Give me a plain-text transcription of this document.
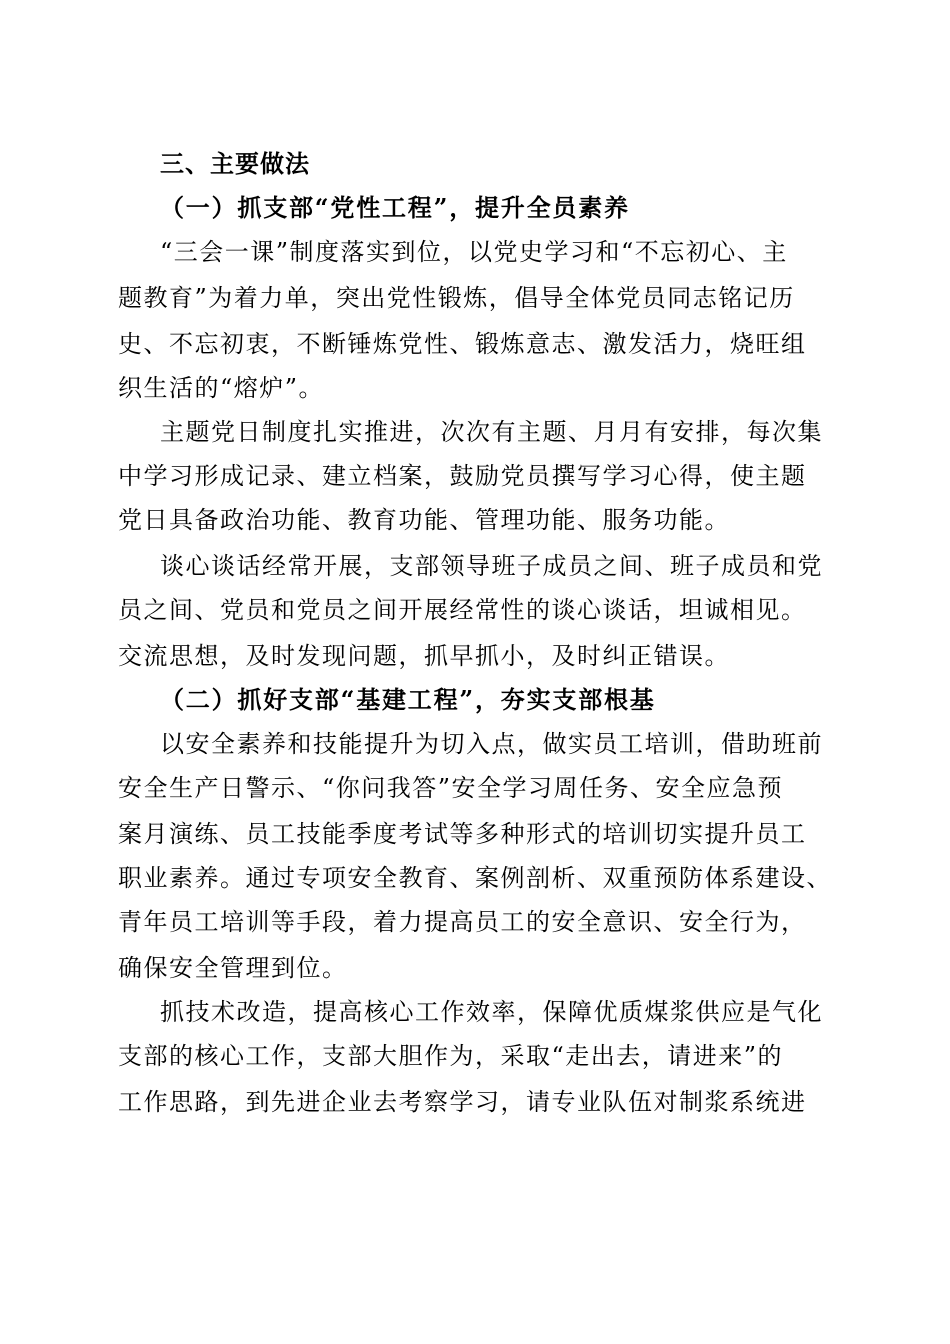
三、主要做法
（一）抓支部“党性工程”，提升全员素养
“三会一课”制度落实到位，以党史学习和“不忘初心、主
题教育”为着力单，突出党性锻炼，倡导全体党员同志铭记历
史、不忘初衷，不断锤炼党性、锻炼意志、激发活力，烧旺组
织生活的“熔炉”。
主题党日制度扎实推进，次次有主题、月月有安排，每次集
中学习形成记录、建立档案，鼓励党员撰写学习心得，使主题
党日具备政治功能、教育功能、管理功能、服务功能。
谈心谈话经常开展，支部领导班子成员之间、班子成员和党
员之间、党员和党员之间开展经常性的谈心谈话，坦诚相见。
交流思想，及时发现问题，抓早抓小，及时纠正错误。
（二）抓好支部“基建工程”，夯实支部根基
以安全素养和技能提升为切入点，做实员工培训，借助班前
安全生产日警示、“你问我答”安全学习周任务、安全应急预
案月演练、员工技能季度考试等多种形式的培训切实提升员工
职业素养。通过专项安全教育、案例剖析、双重预防体系建设、
青年员工培训等手段，着力提高员工的安全意识、安全行为，
确保安全管理到位。
抓技术改造，提高核心工作效率，保障优质煤浆供应是气化
支部的核心工作，支部大胆作为，采取“走出去，请进来”的
工作思路，到先进企业去考察学习，请专业队伍对制浆系统进
